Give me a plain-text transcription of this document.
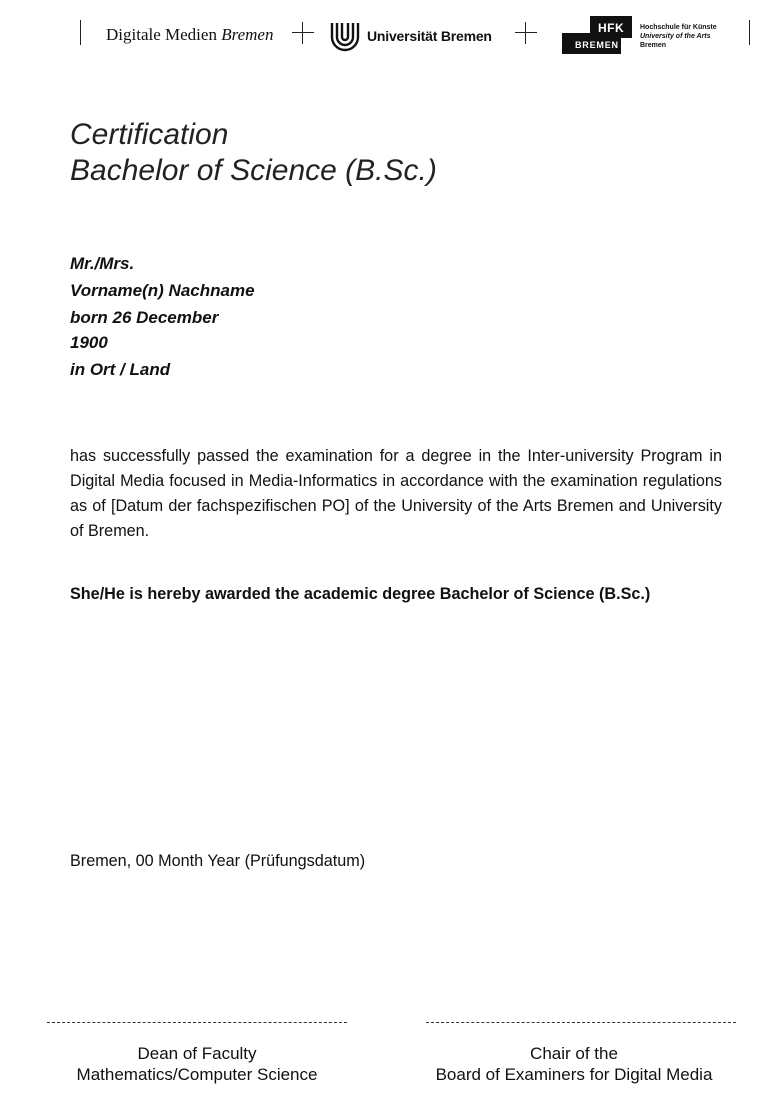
Digitale Medien Bremen	Universität Bremen	HFK
BREMEN
Hochschule für Künste
University of the Arts
Bremen
Certification
Bachelor of Science (B.Sc.)
Mr./Mrs.
Vorname(n) Nachname
born 26 December
1900
in Ort / Land
has successfully passed the examination for a degree in the Inter-university Program in Digital Media focused in Media-Informatics in accordance with the examination regulations as of [Datum der fachspezifischen PO] of the University of the Arts Bremen and University of Bremen.
She/He is hereby awarded the academic degree Bachelor of Science (B.Sc.)
Bremen, 00 Month Year (Prüfungsdatum)
Dean of Faculty
Mathematics/Computer Science
Chair of the
Board of Examiners for Digital Media
